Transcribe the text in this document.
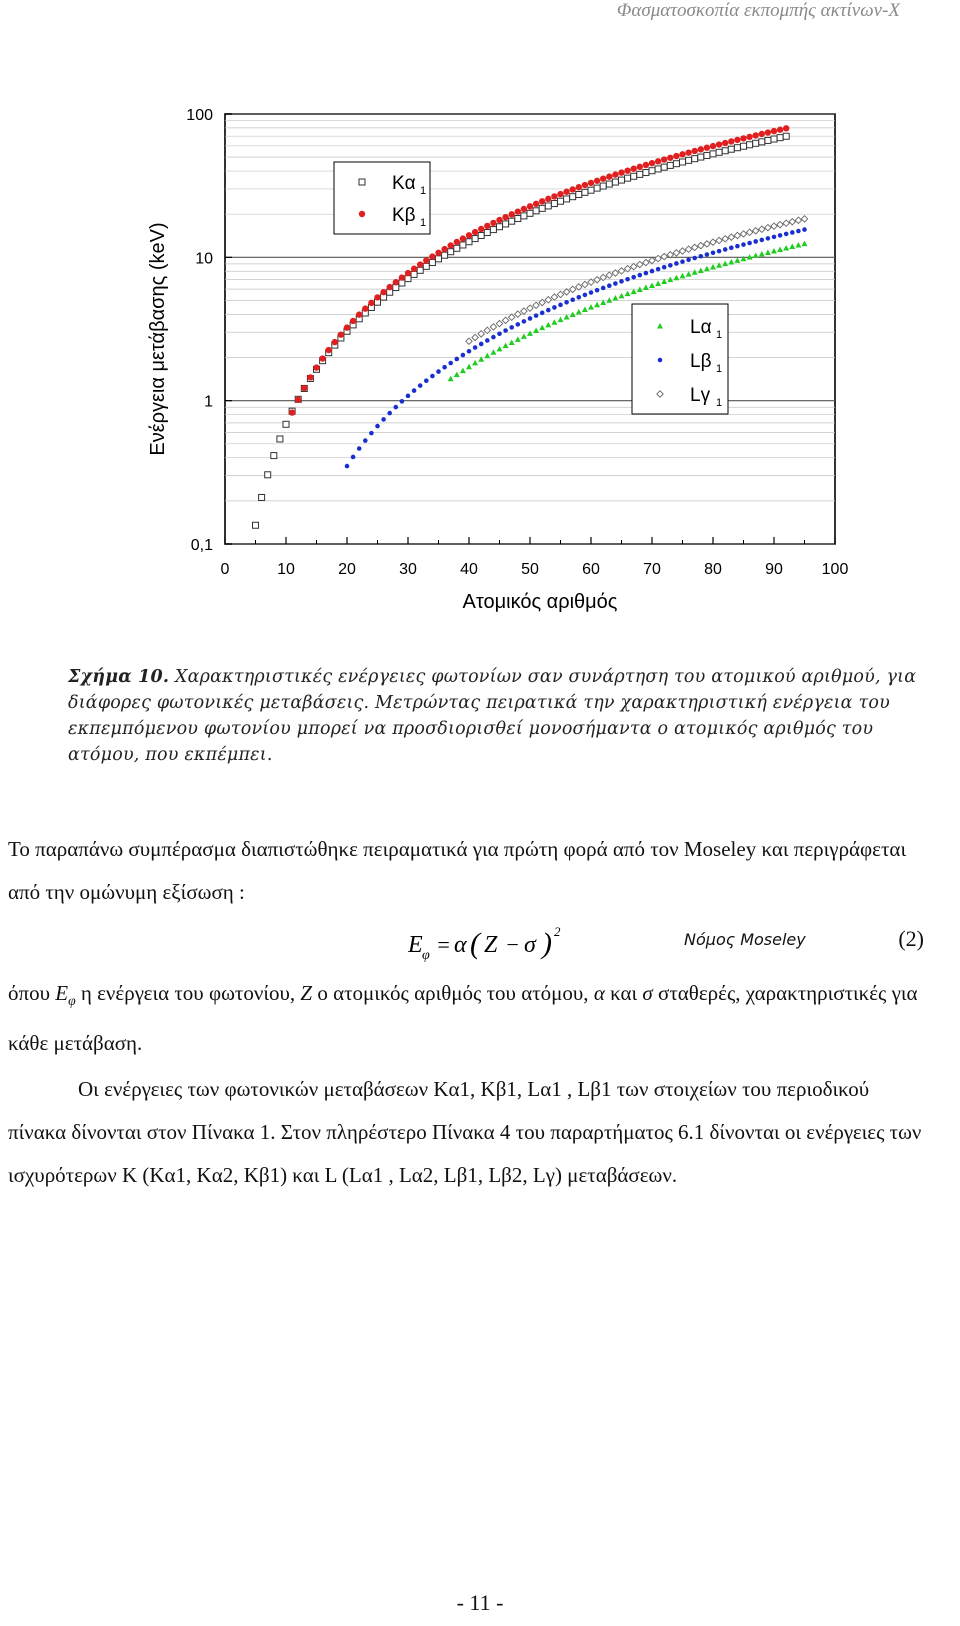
Φασματοσκοπία εκπομπής ακτίνων-Χ
0,1
1
10
100
0	10	20	30	40	50	60	70	80	90 100
Ατομικός αριθμός
Ενέργεια μετάβασης (keV)
Kα 1
Kβ 1
Lα 1
Lβ 1
Lγ 1
Σχήμα 10. Χαρακτηριστικές ενέργειες φωτονίων σαν συνάρτηση του ατομικού αριθμού, για διάφορες φωτονικές μεταβάσεις. Μετρώντας πειρατικά την χαρακτηριστική ενέργεια του εκπεμπόμενου φωτονίου μπορεί να προσδιορισθεί μονοσήμαντα ο ατομικός αριθμός του ατόμου, που εκπέμπει.

Το παραπάνω συμπέρασμα διαπιστώθηκε πειραματικά για πρώτη φορά από τον Moseley και περιγράφεται από την ομώνυμη εξίσωση :

E φ = α ( Z − σ ) 2	Νόμος Moseley	(2)

όπου $E_\varphi$ η ενέργεια του φωτονίου, Z ο ατομικός αριθμός του ατόμου, α και σ σταθερές, χαρακτηριστικές για κάθε μετάβαση.

Οι ενέργειες των φωτονικών μεταβάσεων Kα1, Kβ1, Lα1 , Lβ1 των στοιχείων του περιοδικού πίνακα δίνονται στον Πίνακα 1. Στον πληρέστερο Πίνακα 4 του παραρτήματος 6.1 δίνονται οι ενέργειες των ισχυρότερων K (Kα1, Kα2, Kβ1) και L (Lα1 , Lα2, Lβ1, Lβ2, Lγ) μεταβάσεων.

- 11 -
